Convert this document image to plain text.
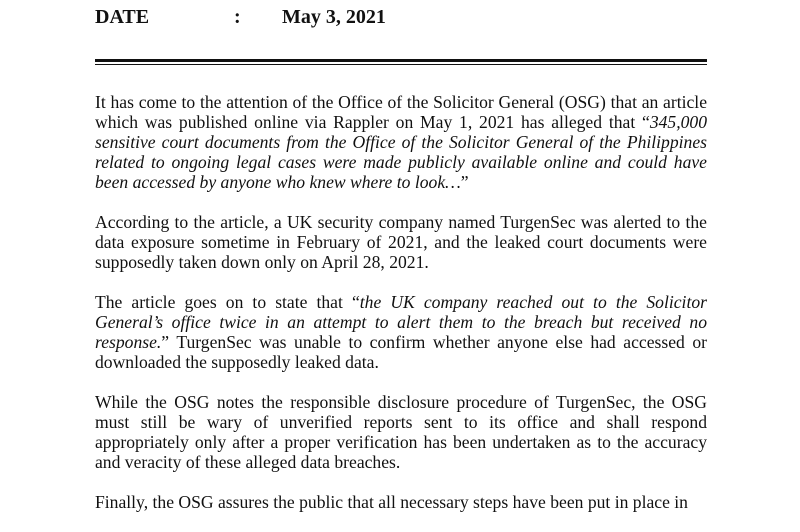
DATE	: May 3, 2021

It has come to the attention of the Office of the Solicitor General (OSG) that an article which was published online via Rappler on May 1, 2021 has alleged that “345,000 sensitive court documents from the Office of the Solicitor General of the Philippines related to ongoing legal cases were made publicly available online and could have been accessed by anyone who knew where to look…”

According to the article, a UK security company named TurgenSec was alerted to the data exposure sometime in February of 2021, and the leaked court documents were supposedly taken down only on April 28, 2021.

The article goes on to state that “the UK company reached out to the Solicitor General’s office twice in an attempt to alert them to the breach but received no response.” TurgenSec was unable to confirm whether anyone else had accessed or downloaded the supposedly leaked data.

While the OSG notes the responsible disclosure procedure of TurgenSec, the OSG must still be wary of unverified reports sent to its office and shall respond appropriately only after a proper verification has been undertaken as to the accuracy and veracity of these alleged data breaches.

Finally, the OSG assures the public that all necessary steps have been put in place in
